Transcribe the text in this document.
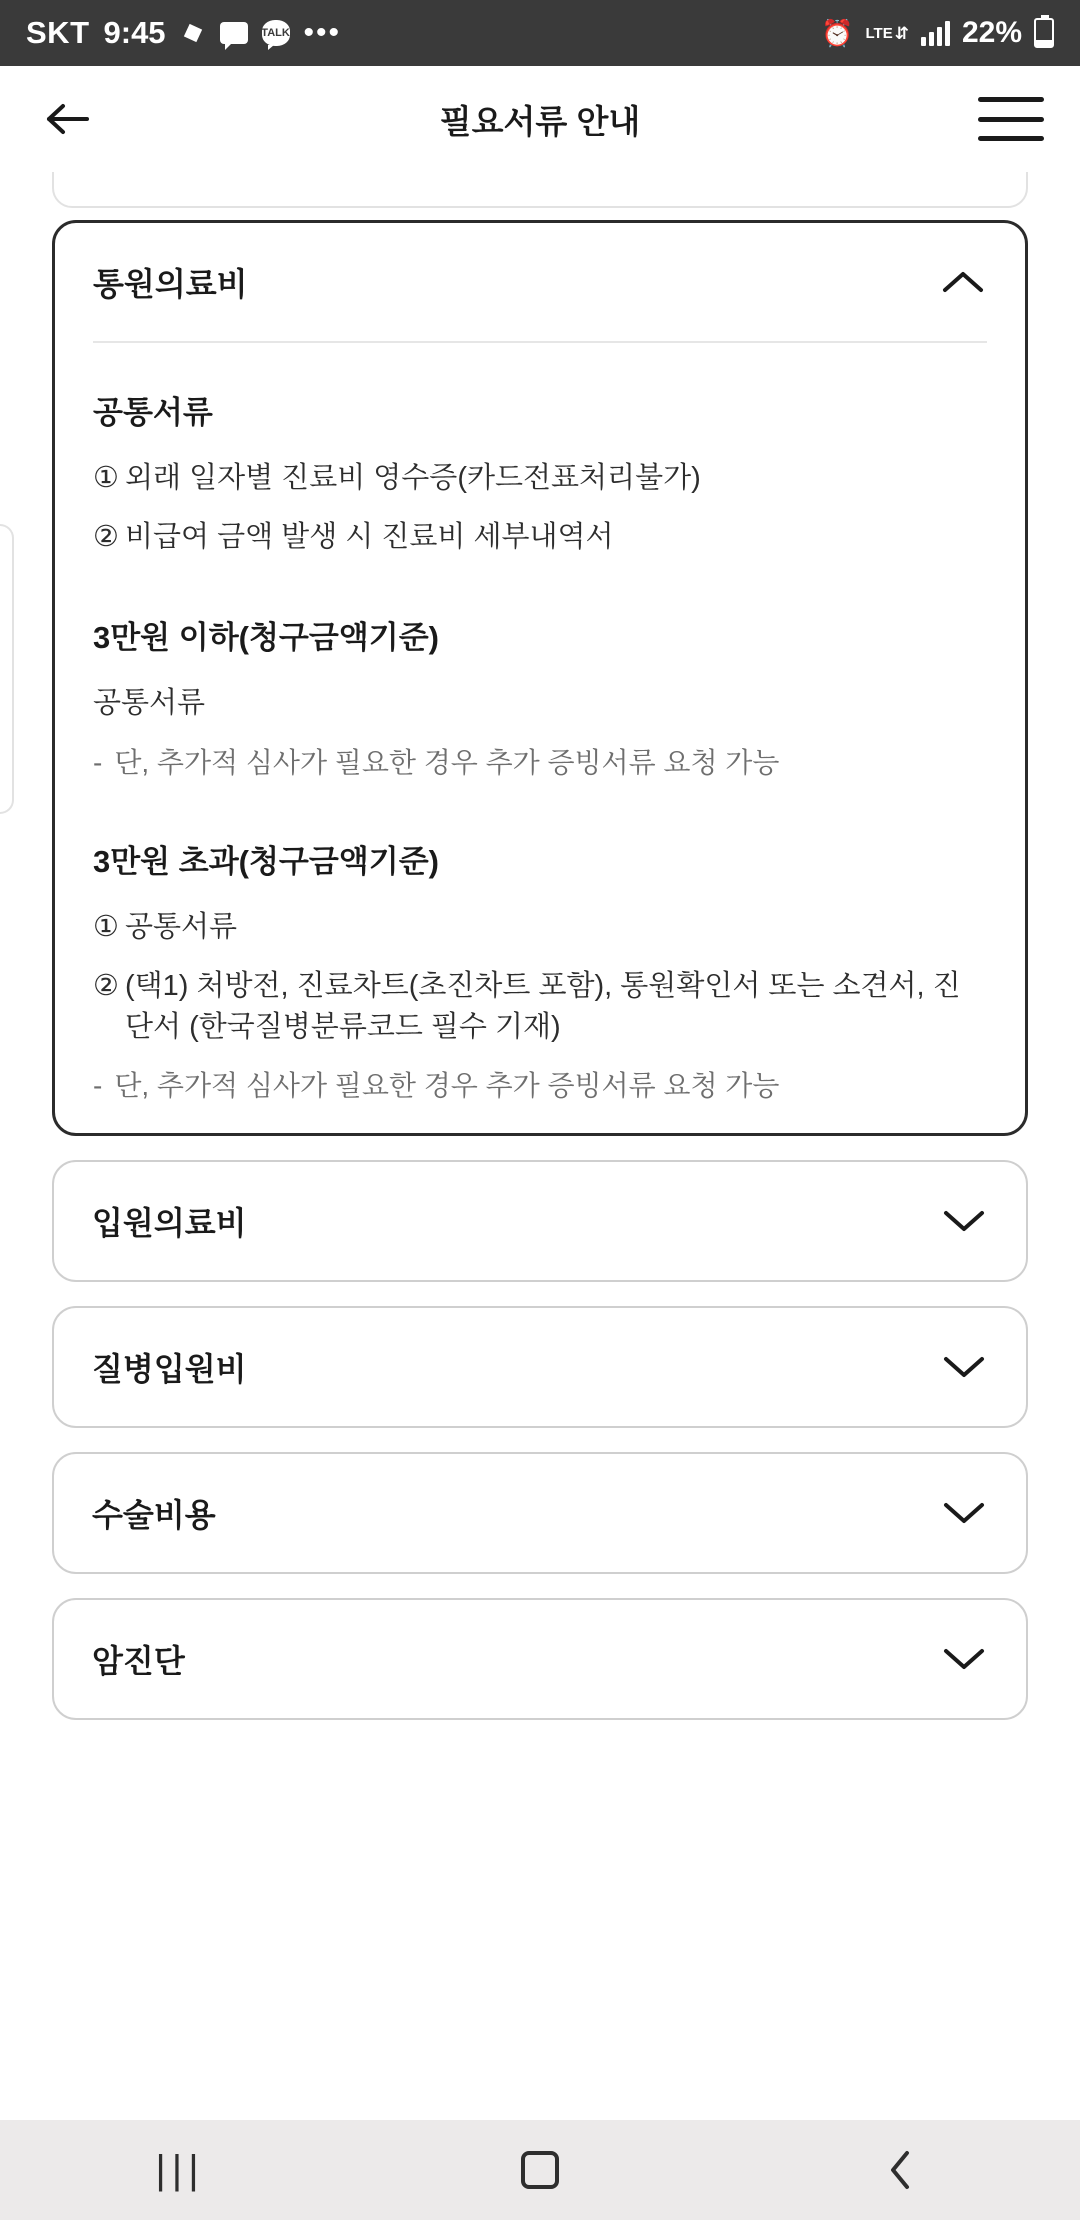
SKT 9:45	TALK •••	⏰ LTE ⇵ 22%
필요서류 안내
통원의료비
공통서류
① 외래 일자별 진료비 영수증(카드전표처리불가)
② 비급여 금액 발생 시 진료비 세부내역서
3만원 이하(청구금액기준)
공통서류
- 단, 추가적 심사가 필요한 경우 추가 증빙서류 요청 가능
3만원 초과(청구금액기준)
① 공통서류
② (택1) 처방전, 진료차트(초진차트 포함), 통원확인서 또는 소견서, 진단서 (한국질병분류코드 필수 기재)
- 단, 추가적 심사가 필요한 경우 추가 증빙서류 요청 가능
입원의료비
질병입원비
수술비용
암진단
|||
